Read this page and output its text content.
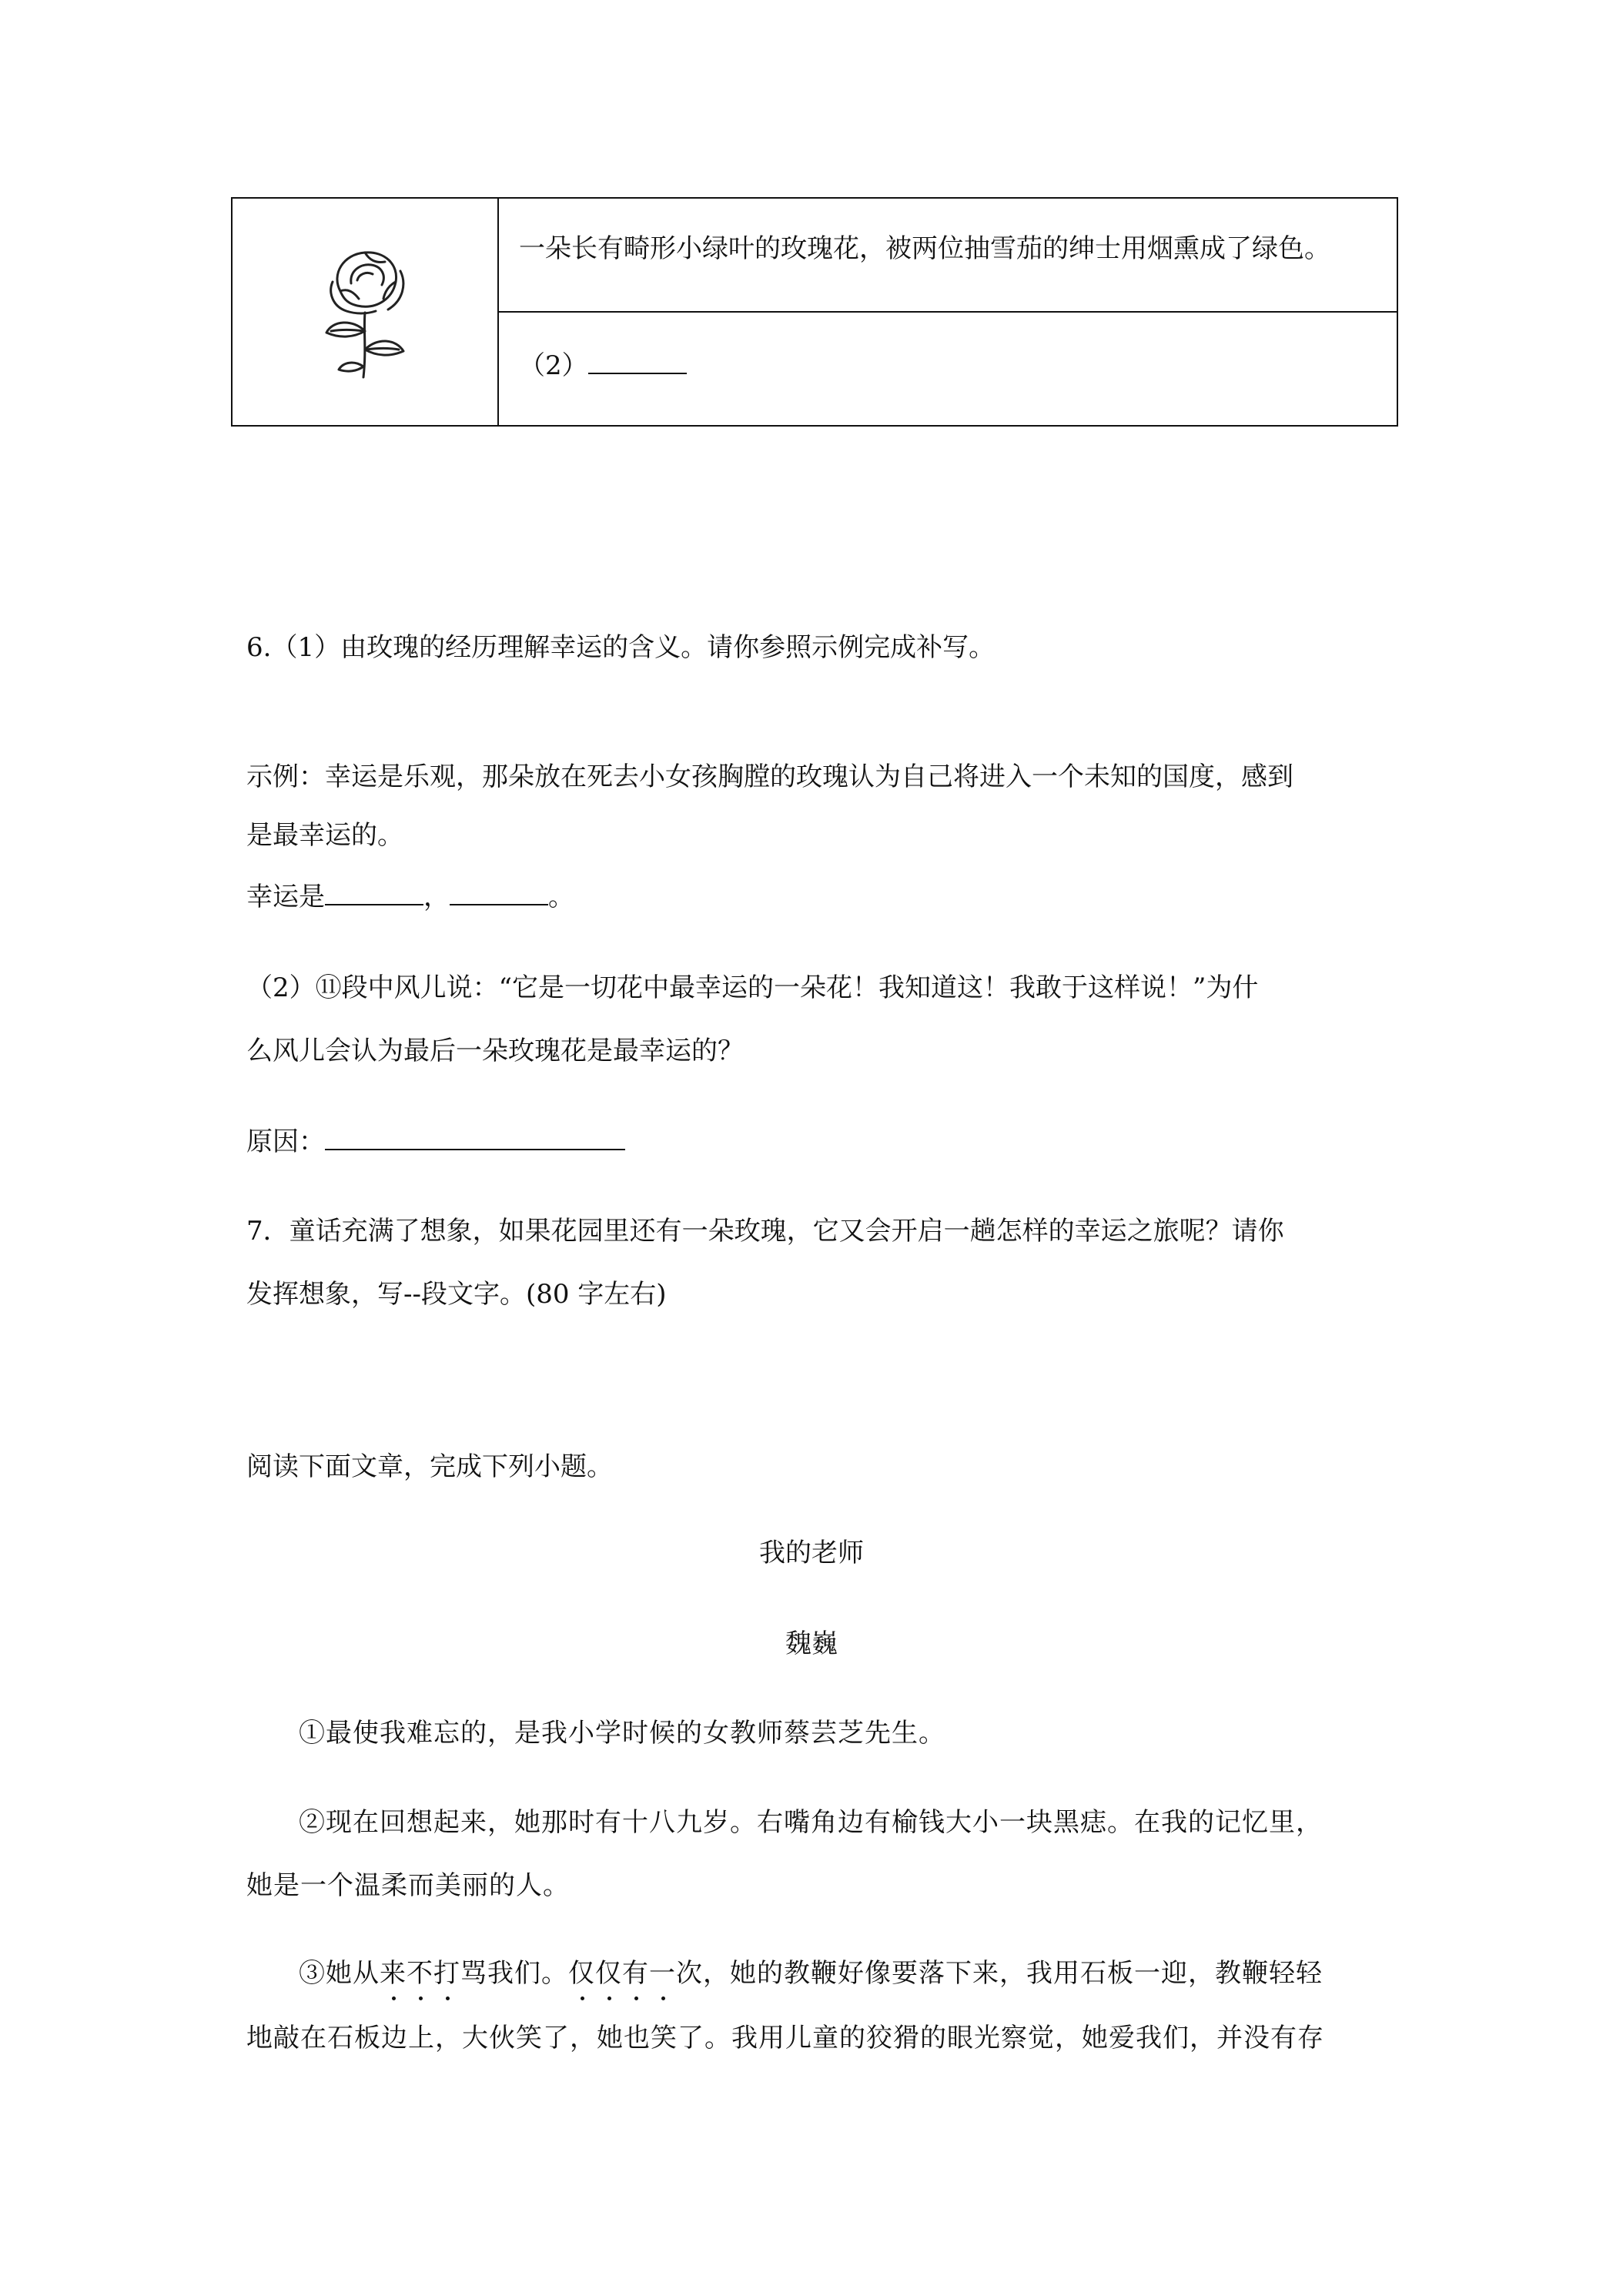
一朵长有畸形小绿叶的玫瑰花，被两位抽雪茄的绅士用烟熏成了绿色。
（2）
6.（1）由玫瑰的经历理解幸运的含义。请你参照示例完成补写。
示例：幸运是乐观，那朵放在死去小女孩胸膛的玫瑰认为自己将进入一个未知的国度，感到
是最幸运的。
幸运是	，	。
（2）⑪段中风儿说：“它是一切花中最幸运的一朵花！我知道这！我敢于这样说！”为什
么风儿会认为最后一朵玫瑰花是最幸运的？
原因：
7．童话充满了想象，如果花园里还有一朵玫瑰，它又会开启一趟怎样的幸运之旅呢？请你
发挥想象，写--段文字。(80 字左右)
阅读下面文章，完成下列小题。
我的老师
魏巍
①最使我难忘的，是我小学时候的女教师蔡芸芝先生。
②现在回想起来，她那时有十八九岁。右嘴角边有榆钱大小一块黑痣。在我的记忆里，
她是一个温柔而美丽的人。
③她从来不打骂我们。仅仅有一次，她的教鞭好像要落下来，我用石板一迎，教鞭轻轻
地敲在石板边上，大伙笑了，她也笑了。我用儿童的狡猾的眼光察觉，她爱我们，并没有存
